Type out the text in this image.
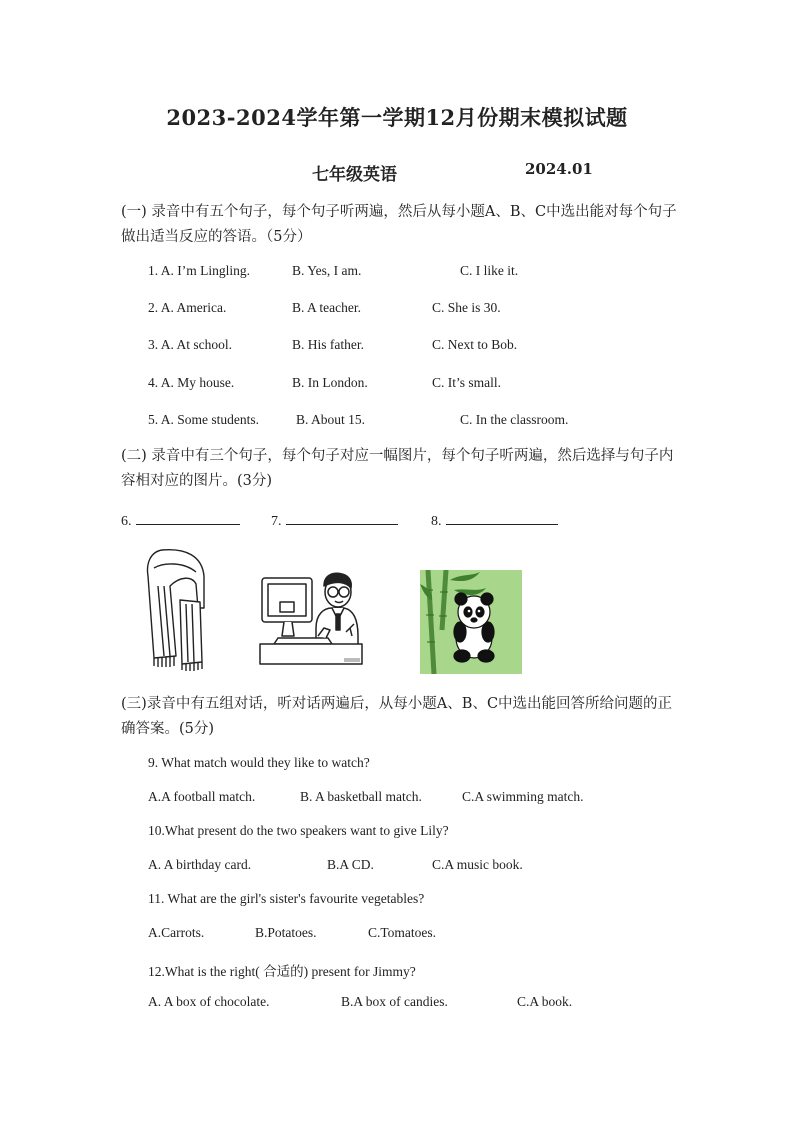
2023-2024学年第一学期12月份期末模拟试题
七年级英语	2024.01
(一) 录音中有五个句子，每个句子听两遍，然后从每小题A、B、C中选出能对每个句子做出适当反应的答语。（5分）
1. A. I’m Lingling.	B. Yes, I am.	C. I like it.
2. A. America.	B. A teacher.	C. She is 30.
3. A. At school.	B. His father.	C. Next to Bob.
4. A. My house.	B. In London.	C. It’s small.
5. A. Some students.	B. About 15.	C. In the classroom.
(二) 录音中有三个句子，每个句子对应一幅图片，每个句子听两遍，然后选择与句子内容相对应的图片。(3分)
6.	7.	8.
(三)录音中有五组对话，听对话两遍后，从每小题A、B、C中选出能回答所给问题的正确答案。(5分)
9. What match would they like to watch?
A.A football match.	B. A basketball match.	C.A swimming match.
10.What present do the two speakers want to give Lily?
A. A birthday card.	B.A CD.	C.A music book.
11. What are the girl's sister's favourite vegetables?
A.Carrots.	B.Potatoes.	C.Tomatoes.
12.What is the right( 合适的) present for Jimmy?
A. A box of chocolate.	B.A box of candies.	C.A book.
